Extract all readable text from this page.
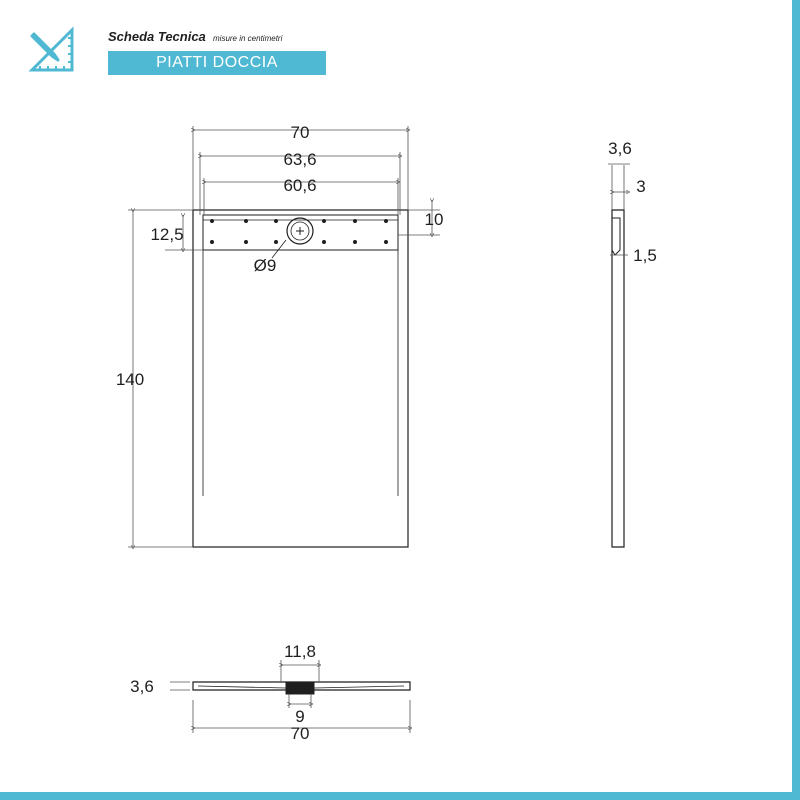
Scheda Tecnica misure in centimetri
PIATTI DOCCIA
70
63,6
60,6
140
12,5
10
Ø9
3,6
3
1,5
11,8
9
3,6
70
